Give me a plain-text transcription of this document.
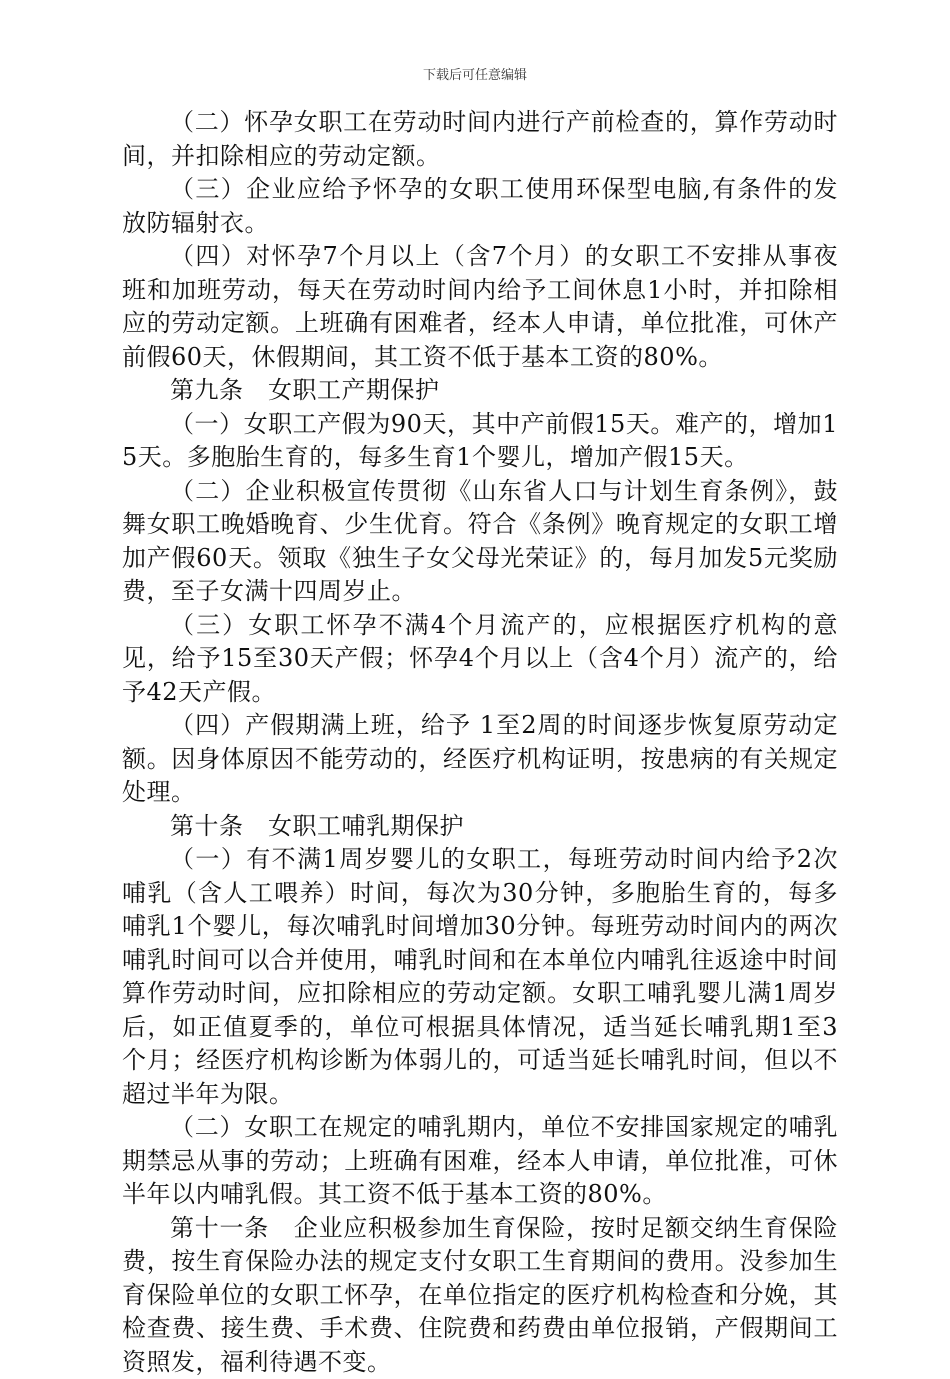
下载后可任意编辑

（二）怀孕女职工在劳动时间内进行产前检查的，算作劳动时间，并扣除相应的劳动定额。

（三）企业应给予怀孕的女职工使用环保型电脑,有条件的发放防辐射衣。

（四）对怀孕7个月以上（含7个月）的女职工不安排从事夜班和加班劳动，每天在劳动时间内给予工间休息1小时，并扣除相应的劳动定额。上班确有困难者，经本人申请，单位批准，可休产前假60天，休假期间，其工资不低于基本工资的80%。

第九条　女职工产期保护

（一）女职工产假为90天，其中产前假15天。难产的，增加15天。多胞胎生育的，每多生育1个婴儿，增加产假15天。

（二）企业积极宣传贯彻《山东省人口与计划生育条例》，鼓舞女职工晚婚晚育、少生优育。符合《条例》晚育规定的女职工增加产假60天。领取《独生子女父母光荣证》的，每月加发5元奖励费，至子女满十四周岁止。

（三）女职工怀孕不满4个月流产的，应根据医疗机构的意见，给予15至30天产假；怀孕4个月以上（含4个月）流产的，给予42天产假。

（四）产假期满上班，给予 1至2周的时间逐步恢复原劳动定额。因身体原因不能劳动的，经医疗机构证明，按患病的有关规定处理。

第十条　女职工哺乳期保护

（一）有不满1周岁婴儿的女职工，每班劳动时间内给予2次哺乳（含人工喂养）时间，每次为30分钟，多胞胎生育的，每多哺乳1个婴儿，每次哺乳时间增加30分钟。每班劳动时间内的两次哺乳时间可以合并使用，哺乳时间和在本单位内哺乳往返途中时间算作劳动时间，应扣除相应的劳动定额。女职工哺乳婴儿满1周岁后，如正值夏季的，单位可根据具体情况，适当延长哺乳期1至3个月；经医疗机构诊断为体弱儿的，可适当延长哺乳时间，但以不超过半年为限。

（二）女职工在规定的哺乳期内，单位不安排国家规定的哺乳期禁忌从事的劳动；上班确有困难，经本人申请，单位批准，可休半年以内哺乳假。其工资不低于基本工资的80%。

第十一条　企业应积极参加生育保险，按时足额交纳生育保险费，按生育保险办法的规定支付女职工生育期间的费用。没参加生育保险单位的女职工怀孕，在单位指定的医疗机构检查和分娩，其检查费、接生费、手术费、住院费和药费由单位报销，产假期间工资照发，福利待遇不变。
